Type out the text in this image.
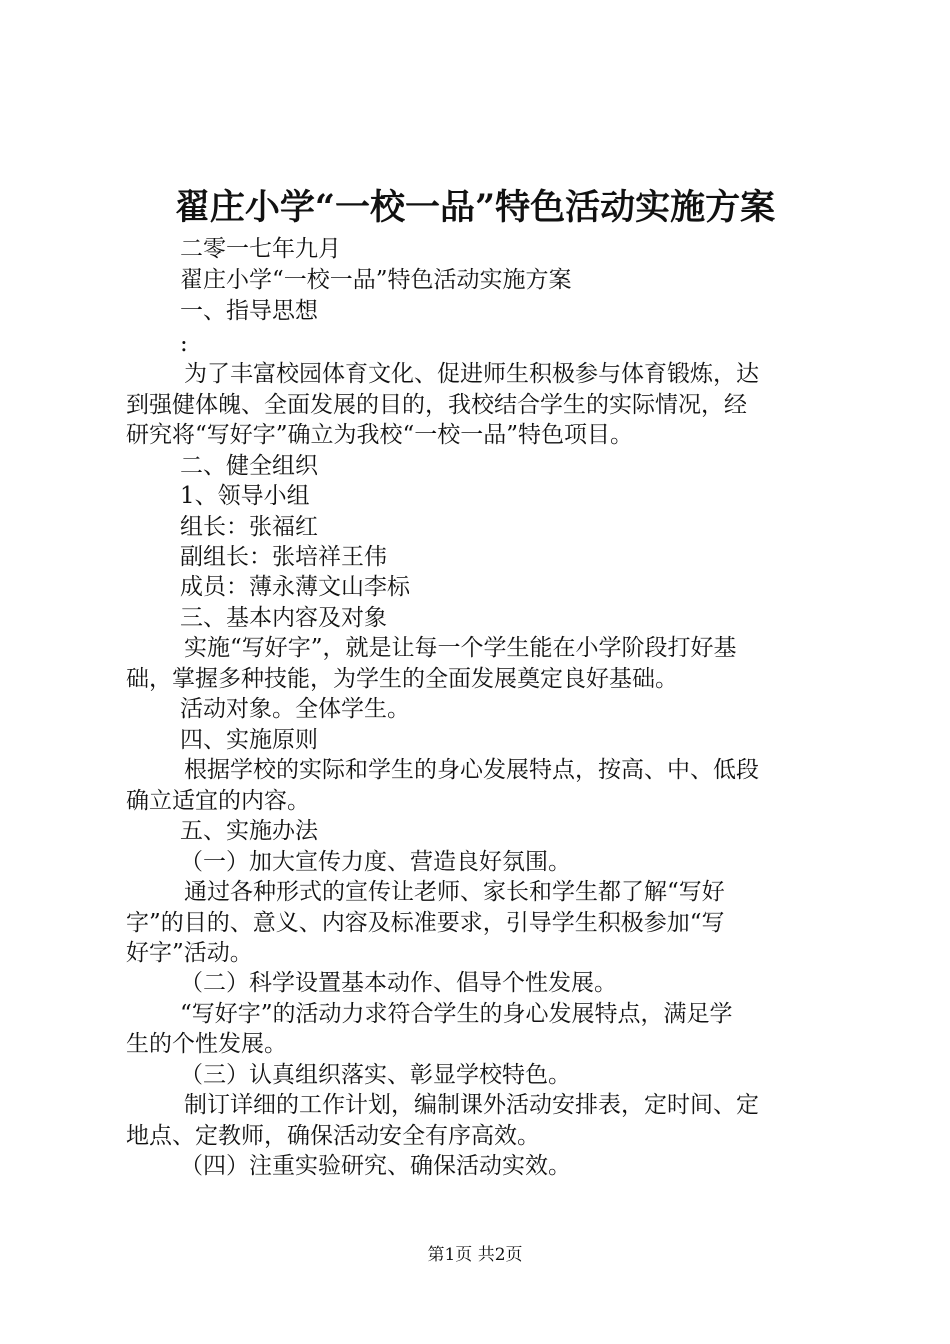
翟庄小学“一校一品”特色活动实施方案
二零一七年九月
翟庄小学“一校一品”特色活动实施方案
一、指导思想
:
为了丰富校园体育文化、促进师生积极参与体育锻炼，达
到强健体魄、全面发展的目的，我校结合学生的实际情况，经
研究将“写好字”确立为我校“一校一品”特色项目。
二、健全组织
1、领导小组
组长：张福红
副组长：张培祥王伟
成员：薄永薄文山李标
三、基本内容及对象
实施“写好字”，就是让每一个学生能在小学阶段打好基
础，掌握多种技能，为学生的全面发展奠定良好基础。
活动对象。全体学生。
四、实施原则
根据学校的实际和学生的身心发展特点，按高、中、低段
确立适宜的内容。
五、实施办法
（一）加大宣传力度、营造良好氛围。
通过各种形式的宣传让老师、家长和学生都了解“写好
字”的目的、意义、内容及标准要求，引导学生积极参加“写
好字”活动。
（二）科学设置基本动作、倡导个性发展。
“写好字”的活动力求符合学生的身心发展特点，满足学
生的个性发展。
（三）认真组织落实、彰显学校特色。
制订详细的工作计划，编制课外活动安排表，定时间、定
地点、定教师，确保活动安全有序高效。
（四）注重实验研究、确保活动实效。
第1页 共2页
